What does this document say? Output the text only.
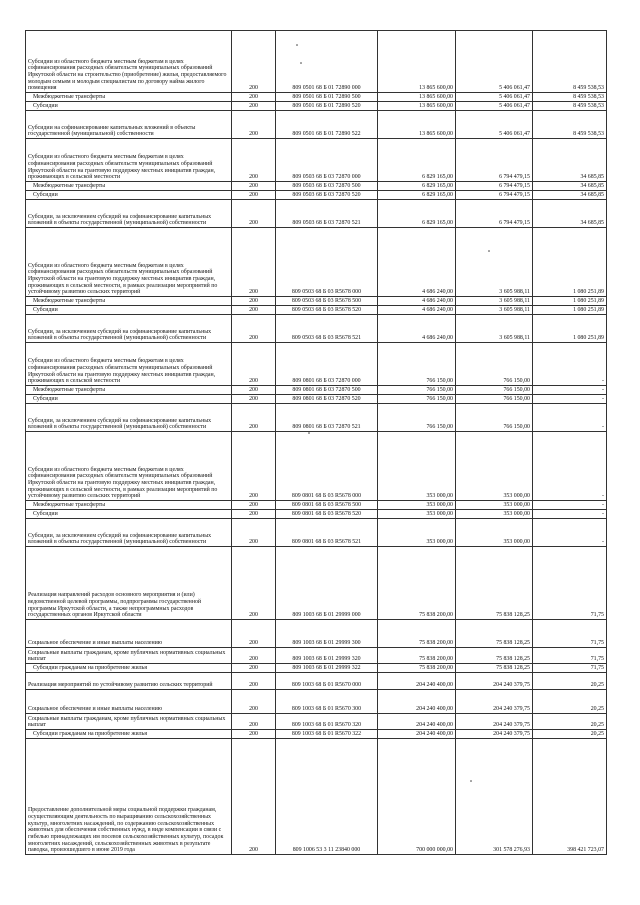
Субсидии из областного бюджета местным бюджетам в целях софинансирования расходных обязательств муниципальных образований Иркутской области на строительство (приобретение) жилья, предоставляемого молодым семьям и молодым специалистам по договору найма жилого помещения	200	809 0501 68 Б 01 72890 000	13 865 600,00	5 406 061,47	8 459 538,53
Межбюджетные трансферты	200	809 0501 68 Б 01 72890 500	13 865 600,00	5 406 061,47	8 459 538,53
Субсидии	200	809 0501 68 Б 01 72890 520	13 865 600,00	5 406 061,47	8 459 538,53
Субсидии на софинансирование капитальных вложений в объекты государственной (муниципальной) собственности	200	809 0501 68 Б 01 72890 522	13 865 600,00	5 406 061,47	8 459 538,53
Субсидии из областного бюджета местным бюджетам в целях софинансирования расходных обязательств муниципальных образований Иркутской области на грантовую поддержку местных инициатив граждан, проживающих в сельской местности	200	809 0503 68 Б 03 72870 000	6 829 165,00	6 794 479,15	34 685,85
Межбюджетные трансферты	200	809 0503 68 Б 03 72870 500	6 829 165,00	6 794 479,15	34 685,85
Субсидии	200	809 0503 68 Б 03 72870 520	6 829 165,00	6 794 479,15	34 685,85
Субсидии, за исключением субсидий на софинансирование капитальных вложений в объекты государственной (муниципальной) собственности	200	809 0503 68 Б 03 72870 521	6 829 165,00	6 794 479,15	34 685,85
Субсидии из областного бюджета местным бюджетам в целях софинансирования расходных обязательств муниципальных образований Иркутской области на грантовую поддержку местных инициатив граждан, проживающих в сельской местности, в рамках реализации мероприятий по устойчивому развитию сельских территорий	200	809 0503 68 Б 03 R5678 000	4 686 240,00	3 605 988,11	1 080 251,89
Межбюджетные трансферты	200	809 0503 68 Б 03 R5678 500	4 686 240,00	3 605 988,11	1 080 251,89
Субсидии	200	809 0503 68 Б 03 R5678 520	4 686 240,00	3 605 988,11	1 080 251,89
Субсидии, за исключением субсидий на софинансирование капитальных вложений в объекты государственной (муниципальной) собственности	200	809 0503 68 Б 03 R5678 521	4 686 240,00	3 605 988,11	1 080 251,89
Субсидии из областного бюджета местным бюджетам в целях софинансирования расходных обязательств муниципальных образований Иркутской области на грантовую поддержку местных инициатив граждан, проживающих в сельской местности	200	809 0801 68 Б 03 72870 000	766 150,00	766 150,00	-
Межбюджетные трансферты	200	809 0801 68 Б 03 72870 500	766 150,00	766 150,00	-
Субсидии	200	809 0801 68 Б 03 72870 520	766 150,00	766 150,00	-
Субсидии, за исключением субсидий на софинансирование капитальных вложений в объекты государственной (муниципальной) собственности	200	809 0801 68 Б 03 72870 521	766 150,00	766 150,00	-
Субсидии из областного бюджета местным бюджетам в целях софинансирования расходных обязательств муниципальных образований Иркутской области на грантовую поддержку местных инициатив граждан, проживающих в сельской местности, в рамках реализации мероприятий по устойчивому развитию сельских территорий	200	809 0801 68 Б 03 R5678 000	353 000,00	353 000,00	-
Межбюджетные трансферты	200	809 0801 68 Б 03 R5678 500	353 000,00	353 000,00	-
Субсидии	200	809 0801 68 Б 03 R5678 520	353 000,00	353 000,00	-
Субсидии, за исключением субсидий на софинансирование капитальных вложений в объекты государственной (муниципальной) собственности	200	809 0801 68 Б 03 R5678 521	353 000,00	353 000,00	-
Реализация направлений расходов основного мероприятия и (или) ведомственной целевой программы, подпрограммы государственной программы Иркутской области, а также непрограммных расходов государственных органов Иркутской области	200	809 1003 68 Б 01 29999 000	75 838 200,00	75 838 128,25	71,75
Социальное обеспечение и иные выплаты населению	200	809 1003 68 Б 01 29999 300	75 838 200,00	75 838 128,25	71,75
Социальные выплаты гражданам, кроме публичных нормативных социальных выплат	200	809 1003 68 Б 01 29999 320	75 838 200,00	75 838 128,25	71,75
Субсидии гражданам на приобретение жилья	200	809 1003 68 Б 01 29999 322	75 838 200,00	75 838 128,25	71,75
Реализация мероприятий по устойчивому развитию сельских территорий	200	809 1003 68 Б 01 R5670 000	204 240 400,00	204 240 379,75	20,25
Социальное обеспечение и иные выплаты населению	200	809 1003 68 Б 01 R5670 300	204 240 400,00	204 240 379,75	20,25
Социальные выплаты гражданам, кроме публичных нормативных социальных выплат	200	809 1003 68 Б 01 R5670 320	204 240 400,00	204 240 379,75	20,25
Субсидии гражданам на приобретение жилья	200	809 1003 68 Б 01 R5670 322	204 240 400,00	204 240 379,75	20,25
Предоставление дополнительной меры социальной поддержки гражданам, осуществляющим деятельность по выращиванию сельскохозяйственных культур, многолетних насаждений, по содержанию сельскохозяйственных животных для обеспечения собственных нужд, в виде компенсации в связи с гибелью принадлежащих им посевов сельскохозяйственных культур, посадок многолетних насаждений, сельскохозяйственных животных в результате паводка, произошедшего в июне 2019 года	200	809 1006 53 3 11 23840 000	700 000 000,00	301 578 276,93	398 421 723,07
